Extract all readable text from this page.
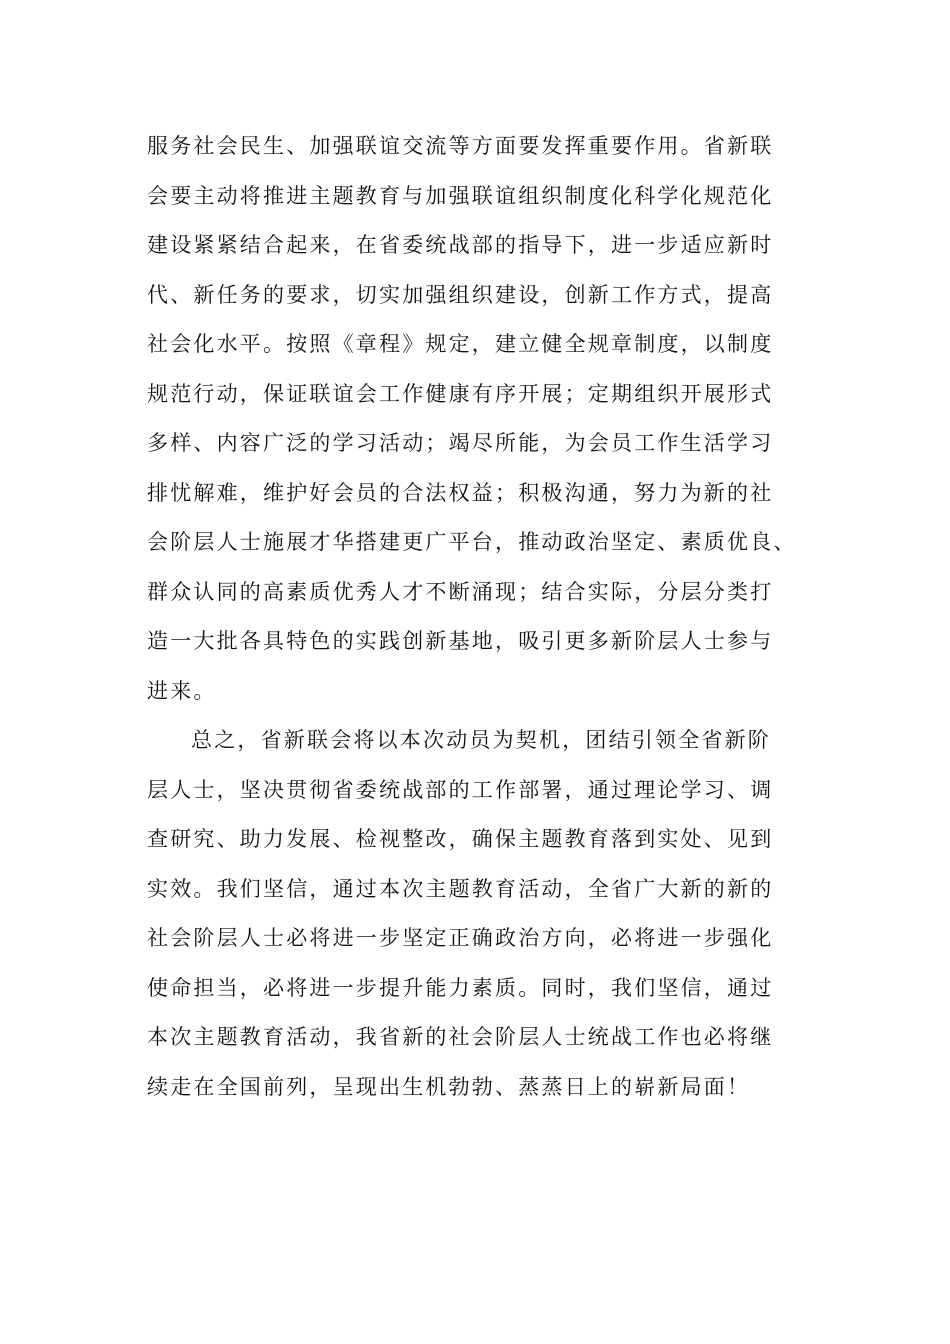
服务社会民生、加强联谊交流等方面要发挥重要作用。省新联
会要主动将推进主题教育与加强联谊组织制度化科学化规范化
建设紧紧结合起来，在省委统战部的指导下，进一步适应新时
代、新任务的要求，切实加强组织建设，创新工作方式，提高
社会化水平。按照《章程》规定，建立健全规章制度，以制度
规范行动，保证联谊会工作健康有序开展；定期组织开展形式
多样、内容广泛的学习活动；竭尽所能，为会员工作生活学习
排忧解难，维护好会员的合法权益；积极沟通，努力为新的社
会阶层人士施展才华搭建更广平台，推动政治坚定、素质优良、
群众认同的高素质优秀人才不断涌现；结合实际，分层分类打
造一大批各具特色的实践创新基地，吸引更多新阶层人士参与
进来。
总之，省新联会将以本次动员为契机，团结引领全省新阶
层人士，坚决贯彻省委统战部的工作部署，通过理论学习、调
查研究、助力发展、检视整改，确保主题教育落到实处、见到
实效。我们坚信，通过本次主题教育活动，全省广大新的新的
社会阶层人士必将进一步坚定正确政治方向，必将进一步强化
使命担当，必将进一步提升能力素质。同时，我们坚信，通过
本次主题教育活动，我省新的社会阶层人士统战工作也必将继
续走在全国前列，呈现出生机勃勃、蒸蒸日上的崭新局面！
